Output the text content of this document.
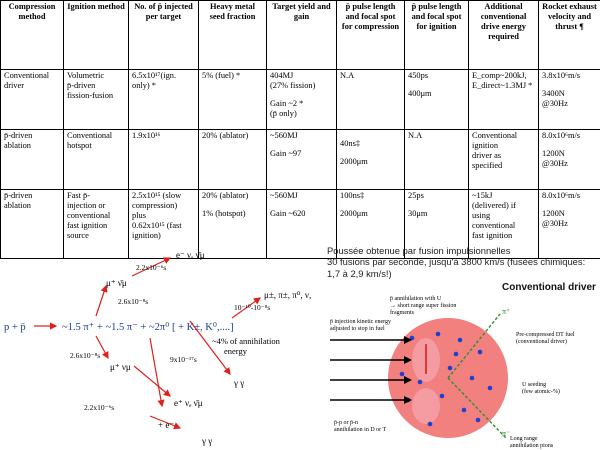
Compression method	Ignition method	No. of p̄ injected per target	Heavy metal seed fraction	Target yield and gain	p̄ pulse length and focal spot for compression	p̄ pulse length and focal spot for ignition	Additional conventional drive energy required	Rocket exhaust velocity and thrust ¶

Conventional
driver	Volumetric
p̄-driven
fission-fusion	6.5x10¹⁷(ign.
only) *	5% (fuel) *	404MJ
(27% fission)
Gain ~2 *
(p̄ only)	N.A	450ps
400μm	E_comp~200kJ,
E_direct~1.3MJ *	3.8x10⁶m/s
3400N
@30Hz

p̄-driven
ablation	Conventional
hotspot	1.9x10¹⁶	20% (ablator)	~560MJ
Gain ~97	40ns‡
2000μm	N.A	Conventional
ignition
driver as
specified	8.0x10⁶m/s
1200N
@30Hz

p̄-driven
ablation	Fast p̄-
injection or
conventional
fast ignition
source	2.5x10¹⁵ (slow
compression)
plus
0.62x10¹⁵ (fast
ignition)	20% (ablator)
1% (hotspot)	~560MJ
Gain ~620	100ns‡
2000μm	25ps
30μm	~15kJ
(delivered) if
using
conventional
fast ignition	8.0x10⁶m/s
1200N
@30Hz
Poussée obtenue par fusion impulsionnelles
30 fusions par seconde, jusqu'à 3800 km/s (fusées chimiques:
1,7 à 2,9 km/s!)
p + p̄	~1.5 π⁺ + ~1.5 π⁻ + ~2π⁰ [ + K±, K⁰,....]
~4% of annihilation
energy
2.2x10⁻⁶s
2.6x10⁻⁸s
2.6x10⁻⁸s
2.2x10⁻⁶s
9x10⁻¹⁷s
10⁻¹⁰-10⁻⁸s
e⁻ νₑ ν̄μ
μ⁺ ν̄μ
μ±, π±, π⁰, ν,
μ⁺ νμ
e⁺ νₑ ν̄μ
γ γ
+ e⁻
γ γ
Conventional driver
π⁺
π⁻
p̄ annihilation with U
→ short range super fission
fragments
p̄ injection kinetic energy
adjusted to stop in fuel
Pre-compressed DT fuel
(conventional driver)
U seeding
(few atomic-%)
p̄-p or p̄-n
annihilation in D or T
Long range
annihilation pions
